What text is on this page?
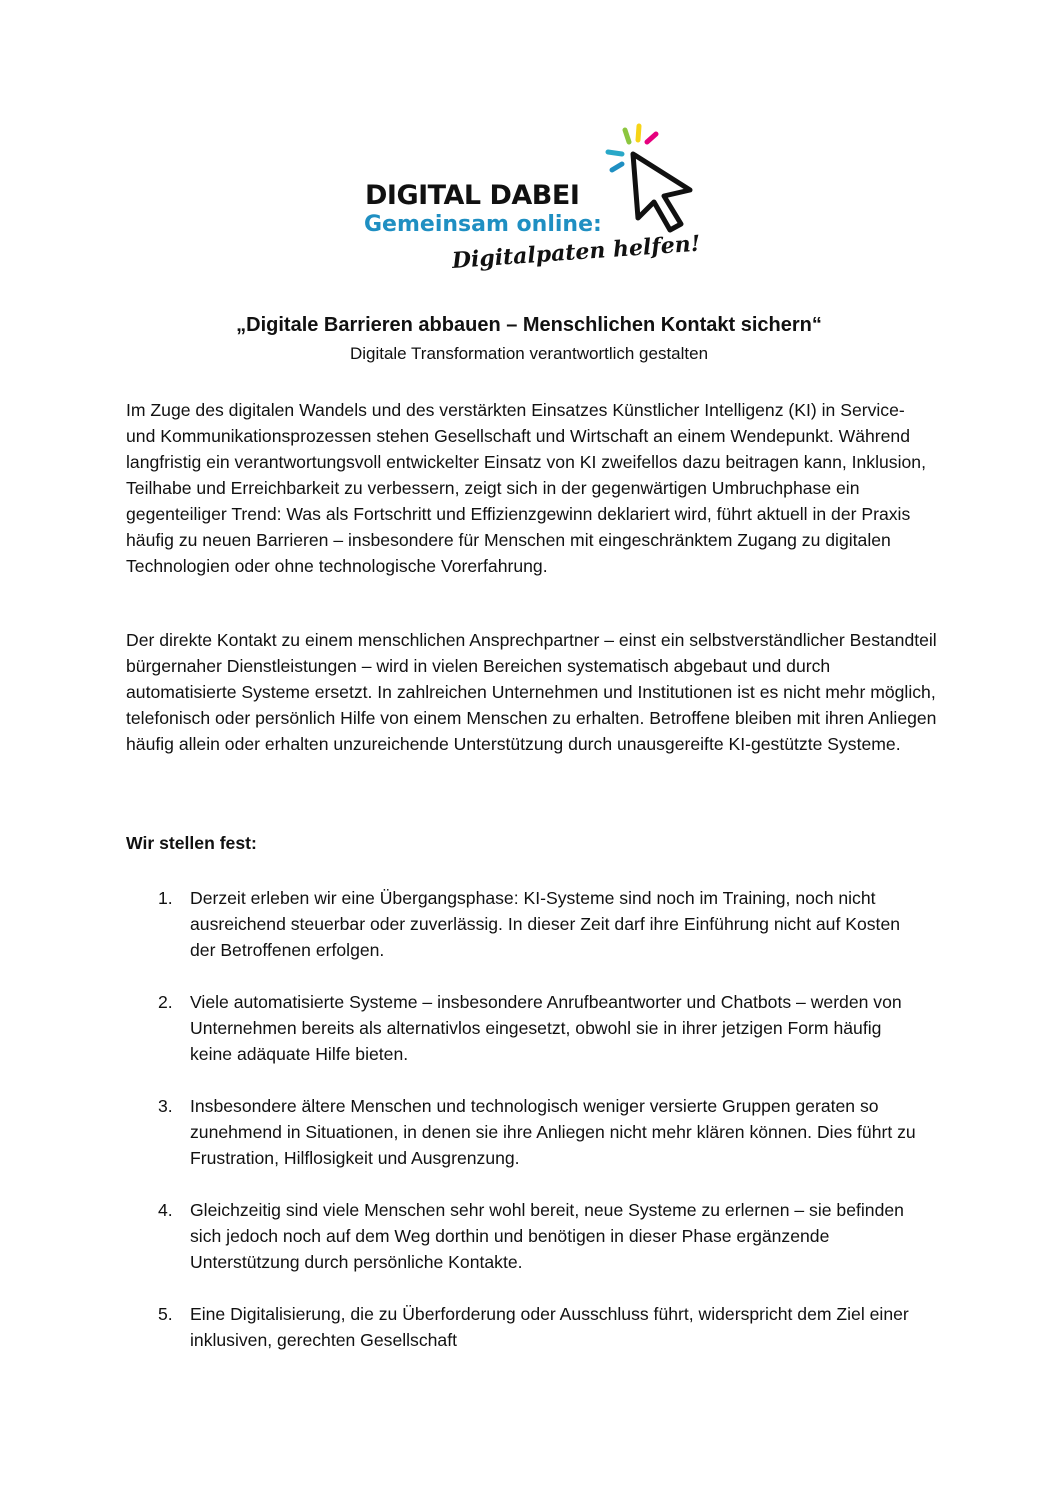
DIGITAL DABEI
Gemeinsam online:
Digitalpaten helfen!
„Digitale Barrieren abbauen – Menschlichen Kontakt sichern“
Digitale Transformation verantwortlich gestalten
Im Zuge des digitalen Wandels und des verstärkten Einsatzes Künstlicher Intelligenz (KI) in Service- und Kommunikationsprozessen stehen Gesellschaft und Wirtschaft an einem Wendepunkt. Während langfristig ein verantwortungsvoll entwickelter Einsatz von KI zweifellos dazu beitragen kann, Inklusion, Teilhabe und Erreichbarkeit zu verbessern, zeigt sich in der gegenwärtigen Umbruchphase ein gegenteiliger Trend: Was als Fortschritt und Effizienzgewinn deklariert wird, führt aktuell in der Praxis häufig zu neuen Barrieren – insbesondere für Menschen mit eingeschränktem Zugang zu digitalen Technologien oder ohne technologische Vorerfahrung.
Der direkte Kontakt zu einem menschlichen Ansprechpartner – einst ein selbstverständlicher Bestandteil bürgernaher Dienstleistungen – wird in vielen Bereichen systematisch abgebaut und durch automatisierte Systeme ersetzt. In zahlreichen Unternehmen und Institutionen ist es nicht mehr möglich, telefonisch oder persönlich Hilfe von einem Menschen zu erhalten. Betroffene bleiben mit ihren Anliegen häufig allein oder erhalten unzureichende Unterstützung durch unausgereifte KI-gestützte Systeme.
Wir stellen fest:
1. Derzeit erleben wir eine Übergangsphase: KI-Systeme sind noch im Training, noch nicht ausreichend steuerbar oder zuverlässig. In dieser Zeit darf ihre Einführung nicht auf Kosten der Betroffenen erfolgen.
2. Viele automatisierte Systeme – insbesondere Anrufbeantworter und Chatbots – werden von Unternehmen bereits als alternativlos eingesetzt, obwohl sie in ihrer jetzigen Form häufig keine adäquate Hilfe bieten.
3. Insbesondere ältere Menschen und technologisch weniger versierte Gruppen geraten so zunehmend in Situationen, in denen sie ihre Anliegen nicht mehr klären können. Dies führt zu Frustration, Hilflosigkeit und Ausgrenzung.
4. Gleichzeitig sind viele Menschen sehr wohl bereit, neue Systeme zu erlernen – sie befinden sich jedoch noch auf dem Weg dorthin und benötigen in dieser Phase ergänzende Unterstützung durch persönliche Kontakte.
5. Eine Digitalisierung, die zu Überforderung oder Ausschluss führt, widerspricht dem Ziel einer inklusiven, gerechten Gesellschaft
